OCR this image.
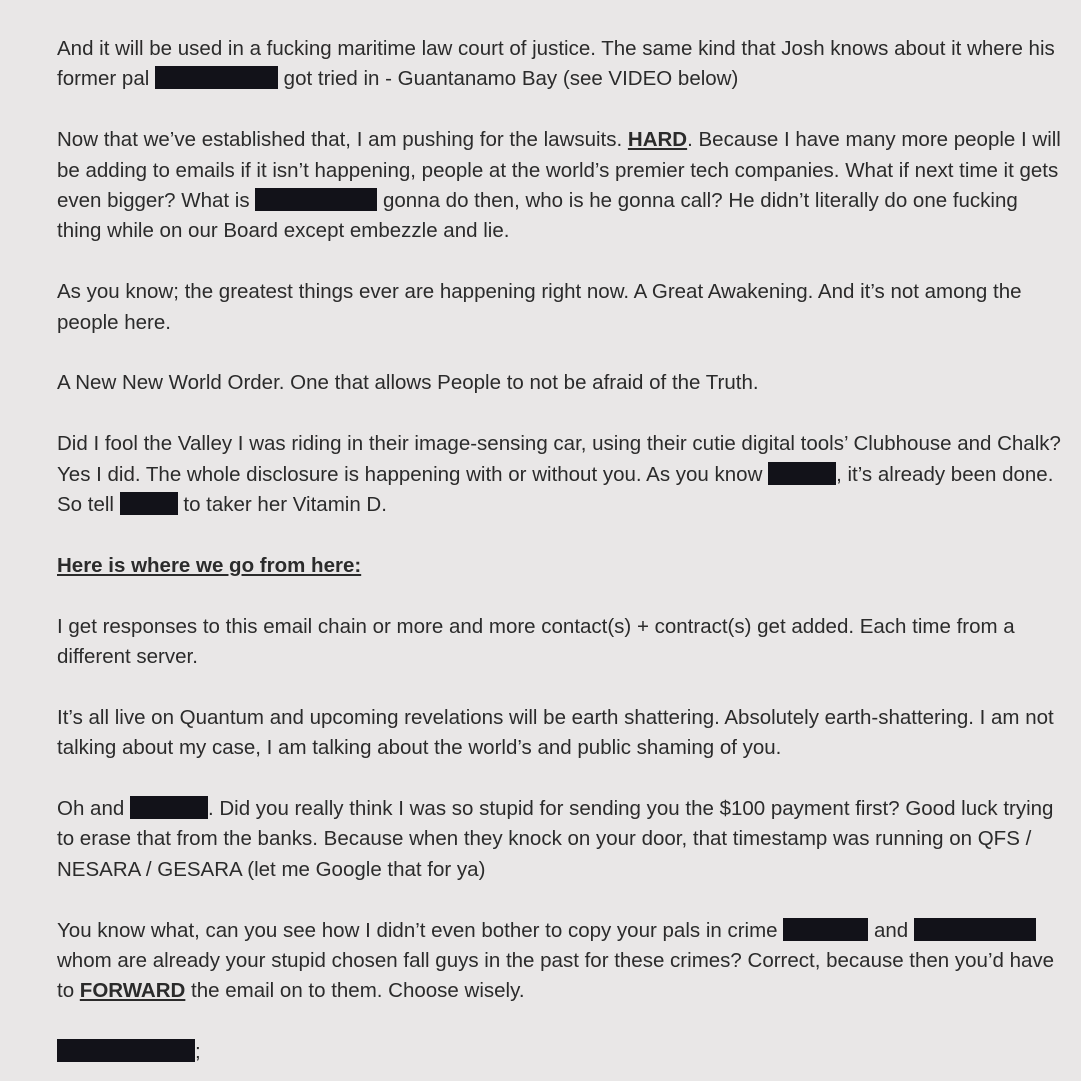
And it will be used in a fucking maritime law court of justice. The same kind that Josh knows about it where his former pal	got tried in - Guantanamo Bay (see VIDEO below)

Now that we’ve established that, I am pushing for the lawsuits. HARD. Because I have many more people I will be adding to emails if it isn’t happening, people at the world’s premier tech companies. What if next time it gets even bigger? What is	gonna do then, who is he gonna call? He didn’t literally do one fucking thing while on our Board except embezzle and lie.

As you know; the greatest things ever are happening right now. A Great Awakening. And it’s not among the people here.

A New New World Order. One that allows People to not be afraid of the Truth.

Did I fool the Valley I was riding in their image-sensing car, using their cutie digital tools’ Clubhouse and Chalk? Yes I did. The whole disclosure is happening with or without you. As you know	, it’s already been done. So tell	to taker her Vitamin D.

Here is where we go from here:

I get responses to this email chain or more and more contact(s) + contract(s) get added. Each time from a different server.

It’s all live on Quantum and upcoming revelations will be earth shattering. Absolutely earth-shattering. I am not talking about my case, I am talking about the world’s and public shaming of you.

Oh and	. Did you really think I was so stupid for sending you the $100 payment first? Good luck trying to erase that from the banks. Because when they knock on your door, that timestamp was running on QFS / NESARA / GESARA (let me Google that for ya)

You know what, can you see how I didn’t even bother to copy your pals in crime	and  whom are already your stupid chosen fall guys in the past for these crimes? Correct, because then you’d have to FORWARD the email on to them. Choose wisely.

;
